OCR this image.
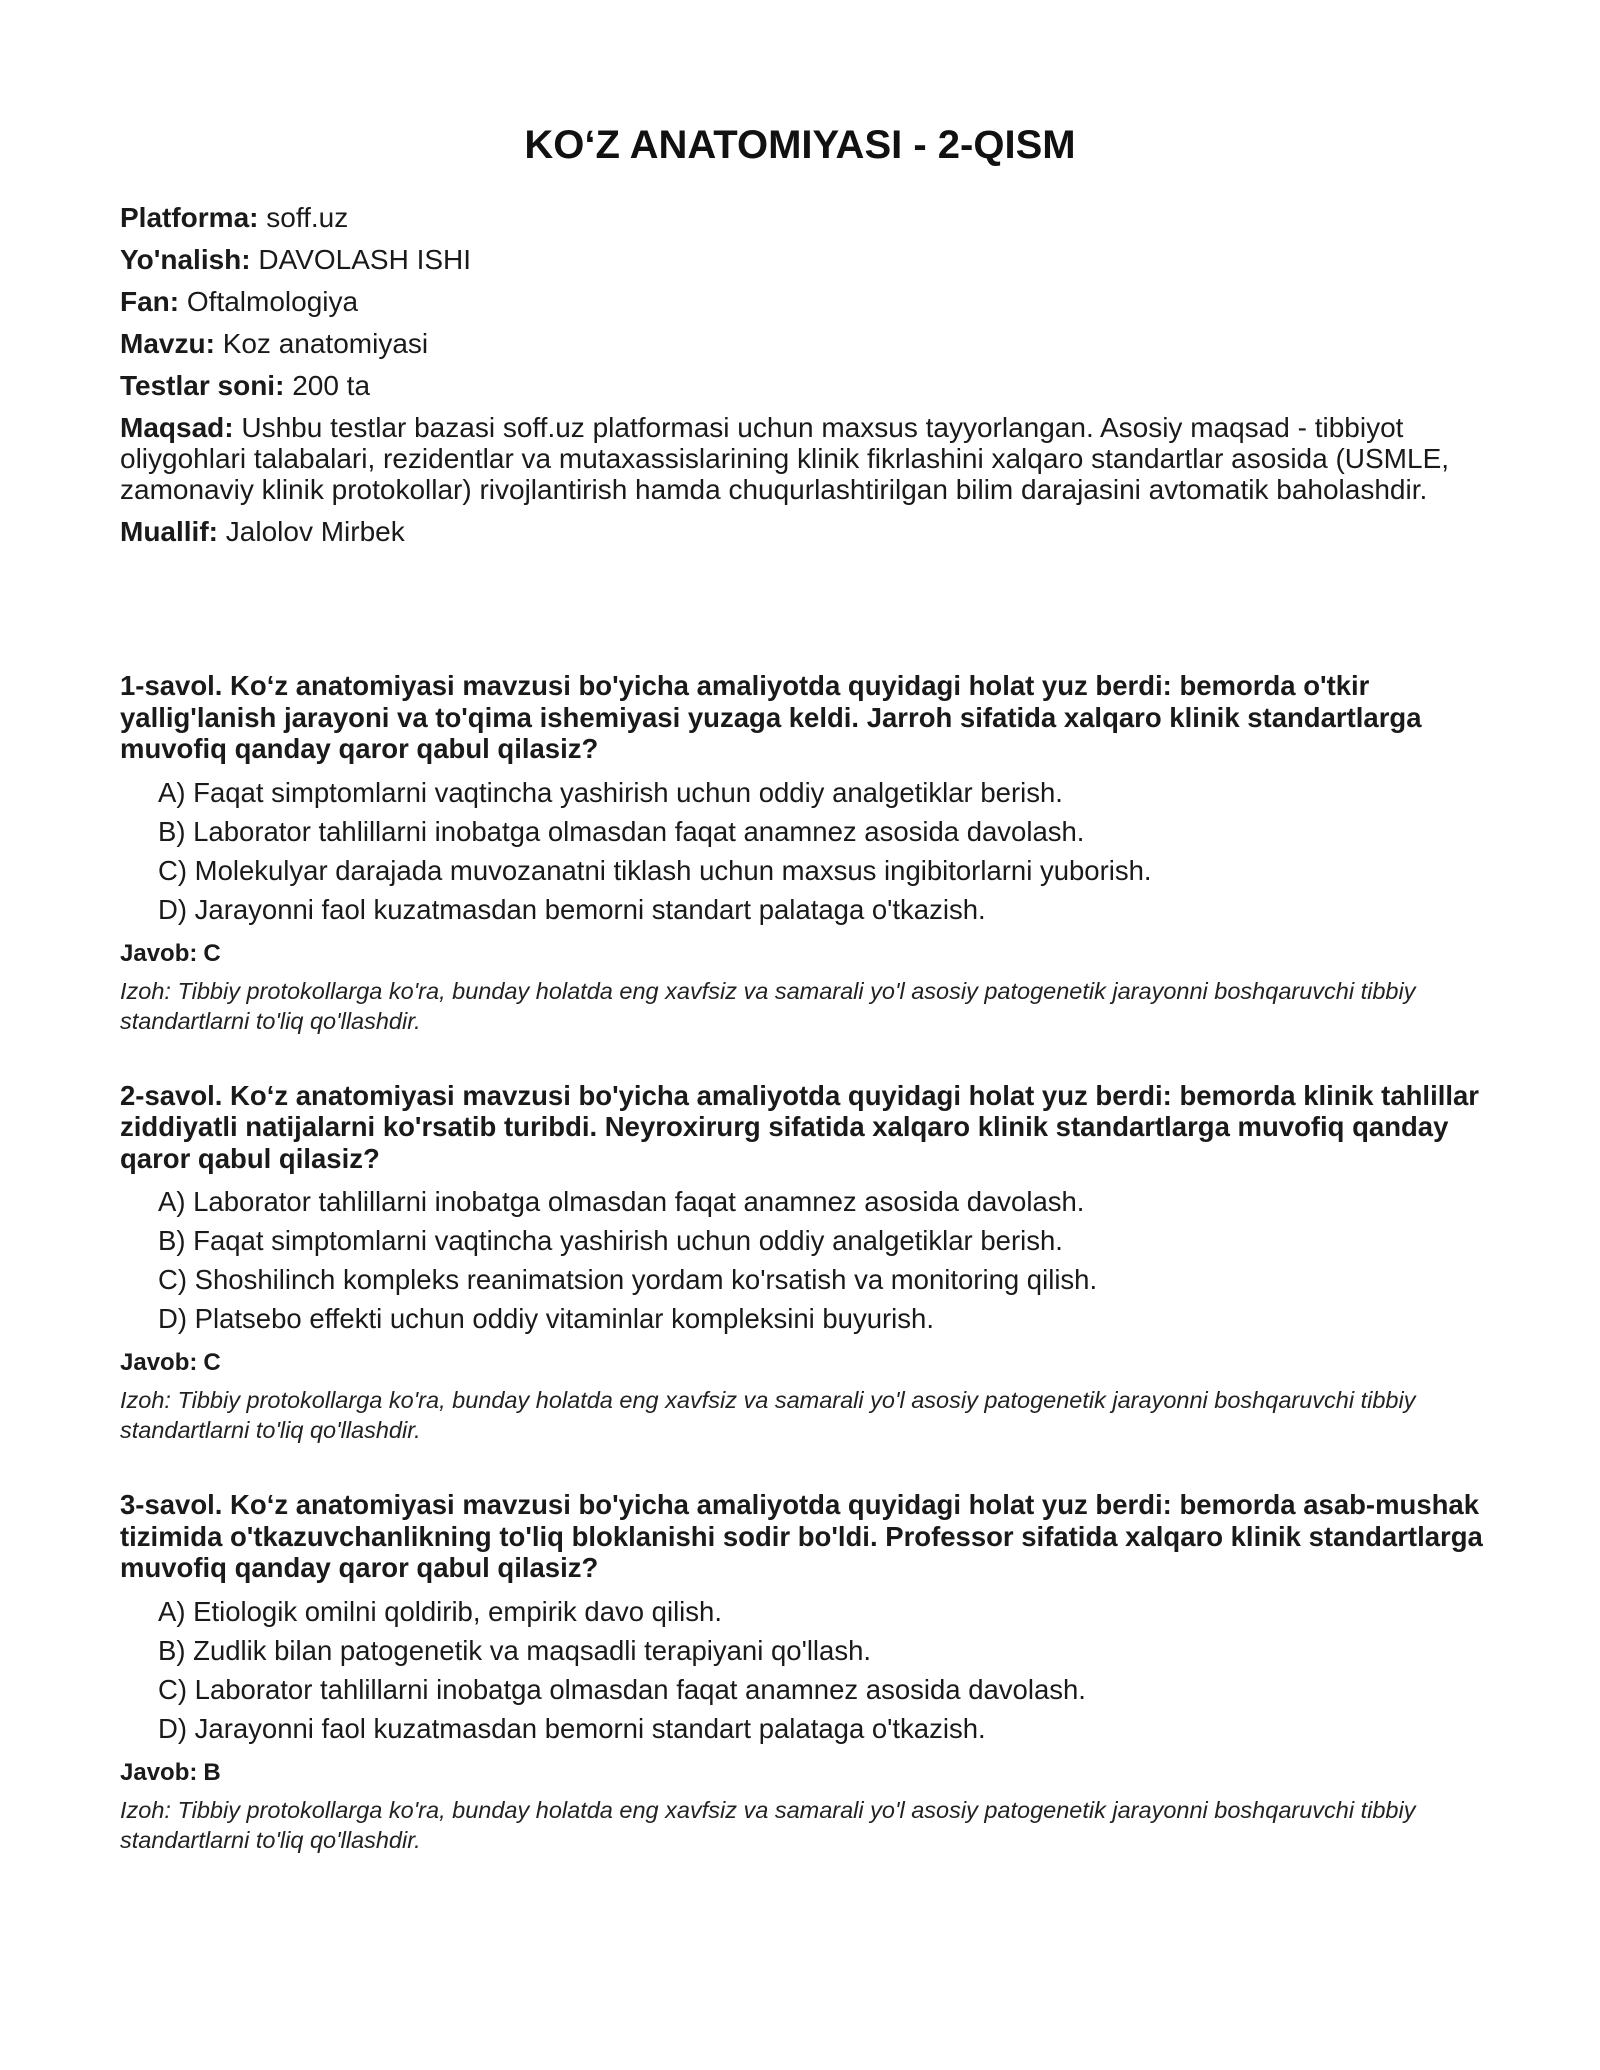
KO‘Z ANATOMIYASI - 2-QISM
Platforma: soff.uz
Yo'nalish: DAVOLASH ISHI
Fan: Oftalmologiya
Mavzu: Koz anatomiyasi
Testlar soni: 200 ta
Maqsad: Ushbu testlar bazasi soff.uz platformasi uchun maxsus tayyorlangan. Asosiy maqsad - tibbiyot oliygohlari talabalari, rezidentlar va mutaxassislarining klinik fikrlashini xalqaro standartlar asosida (USMLE, zamonaviy klinik protokollar) rivojlantirish hamda chuqurlashtirilgan bilim darajasini avtomatik baholashdir.
Muallif: Jalolov Mirbek
1-savol. Ko‘z anatomiyasi mavzusi bo'yicha amaliyotda quyidagi holat yuz berdi: bemorda o'tkir yallig'lanish jarayoni va to'qima ishemiyasi yuzaga keldi. Jarroh sifatida xalqaro klinik standartlarga muvofiq qanday qaror qabul qilasiz?
A) Faqat simptomlarni vaqtincha yashirish uchun oddiy analgetiklar berish.
B) Laborator tahlillarni inobatga olmasdan faqat anamnez asosida davolash.
C) Molekulyar darajada muvozanatni tiklash uchun maxsus ingibitorlarni yuborish.
D) Jarayonni faol kuzatmasdan bemorni standart palataga o'tkazish.
Javob: C
Izoh: Tibbiy protokollarga ko'ra, bunday holatda eng xavfsiz va samarali yo'l asosiy patogenetik jarayonni boshqaruvchi tibbiy standartlarni to'liq qo'llashdir.
2-savol. Ko‘z anatomiyasi mavzusi bo'yicha amaliyotda quyidagi holat yuz berdi: bemorda klinik tahlillar ziddiyatli natijalarni ko'rsatib turibdi. Neyroxirurg sifatida xalqaro klinik standartlarga muvofiq qanday qaror qabul qilasiz?
A) Laborator tahlillarni inobatga olmasdan faqat anamnez asosida davolash.
B) Faqat simptomlarni vaqtincha yashirish uchun oddiy analgetiklar berish.
C) Shoshilinch kompleks reanimatsion yordam ko'rsatish va monitoring qilish.
D) Platsebo effekti uchun oddiy vitaminlar kompleksini buyurish.
Javob: C
Izoh: Tibbiy protokollarga ko'ra, bunday holatda eng xavfsiz va samarali yo'l asosiy patogenetik jarayonni boshqaruvchi tibbiy standartlarni to'liq qo'llashdir.
3-savol. Ko‘z anatomiyasi mavzusi bo'yicha amaliyotda quyidagi holat yuz berdi: bemorda asab-mushak tizimida o'tkazuvchanlikning to'liq bloklanishi sodir bo'ldi. Professor sifatida xalqaro klinik standartlarga muvofiq qanday qaror qabul qilasiz?
A) Etiologik omilni qoldirib, empirik davo qilish.
B) Zudlik bilan patogenetik va maqsadli terapiyani qo'llash.
C) Laborator tahlillarni inobatga olmasdan faqat anamnez asosida davolash.
D) Jarayonni faol kuzatmasdan bemorni standart palataga o'tkazish.
Javob: B
Izoh: Tibbiy protokollarga ko'ra, bunday holatda eng xavfsiz va samarali yo'l asosiy patogenetik jarayonni boshqaruvchi tibbiy standartlarni to'liq qo'llashdir.
